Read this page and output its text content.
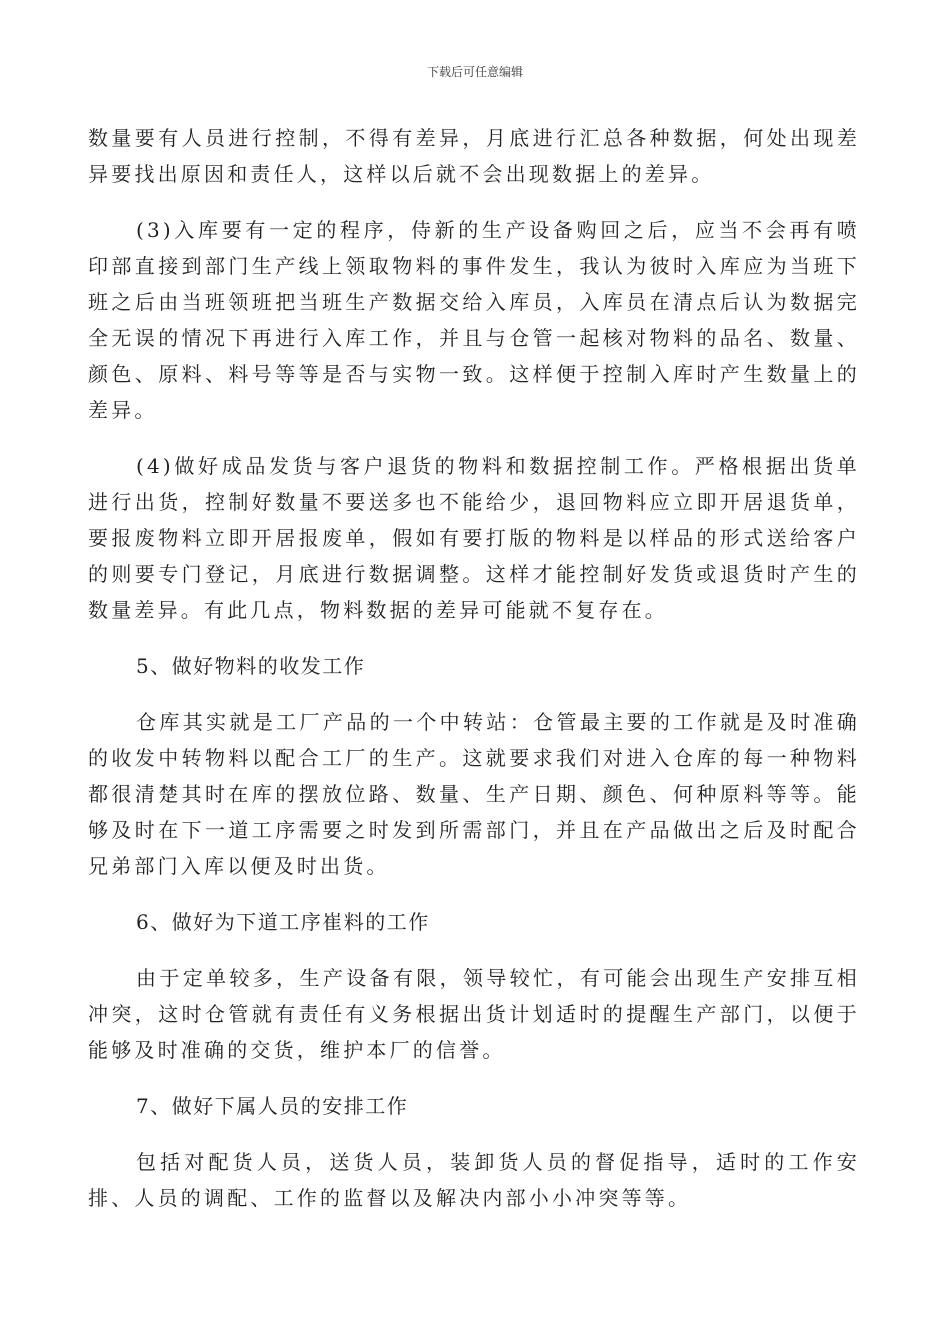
下载后可任意编辑

数量要有人员进行控制，不得有差异，月底进行汇总各种数据，何处出现差异要找出原因和责任人，这样以后就不会出现数据上的差异。

(3)入库要有一定的程序，侍新的生产设备购回之后，应当不会再有喷印部直接到部门生产线上领取物料的事件发生，我认为彼时入库应为当班下班之后由当班领班把当班生产数据交给入库员，入库员在清点后认为数据完全无误的情况下再进行入库工作，并且与仓管一起核对物料的品名、数量、颜色、原料、料号等等是否与实物一致。这样便于控制入库时产生数量上的差异。

(4)做好成品发货与客户退货的物料和数据控制工作。严格根据出货单进行出货，控制好数量不要送多也不能给少，退回物料应立即开居退货单，要报废物料立即开居报废单，假如有要打版的物料是以样品的形式送给客户的则要专门登记，月底进行数据调整。这样才能控制好发货或退货时产生的数量差异。有此几点，物料数据的差异可能就不复存在。

5、做好物料的收发工作

仓库其实就是工厂产品的一个中转站：仓管最主要的工作就是及时准确的收发中转物料以配合工厂的生产。这就要求我们对进入仓库的每一种物料都很清楚其时在库的摆放位路、数量、生产日期、颜色、何种原料等等。能够及时在下一道工序需要之时发到所需部门，并且在产品做出之后及时配合兄弟部门入库以便及时出货。

6、做好为下道工序崔料的工作

由于定单较多，生产设备有限，领导较忙，有可能会出现生产安排互相冲突，这时仓管就有责任有义务根据出货计划适时的提醒生产部门，以便于能够及时准确的交货，维护本厂的信誉。

7、做好下属人员的安排工作

包括对配货人员，送货人员，装卸货人员的督促指导，适时的工作安排、人员的调配、工作的监督以及解决内部小小冲突等等。
